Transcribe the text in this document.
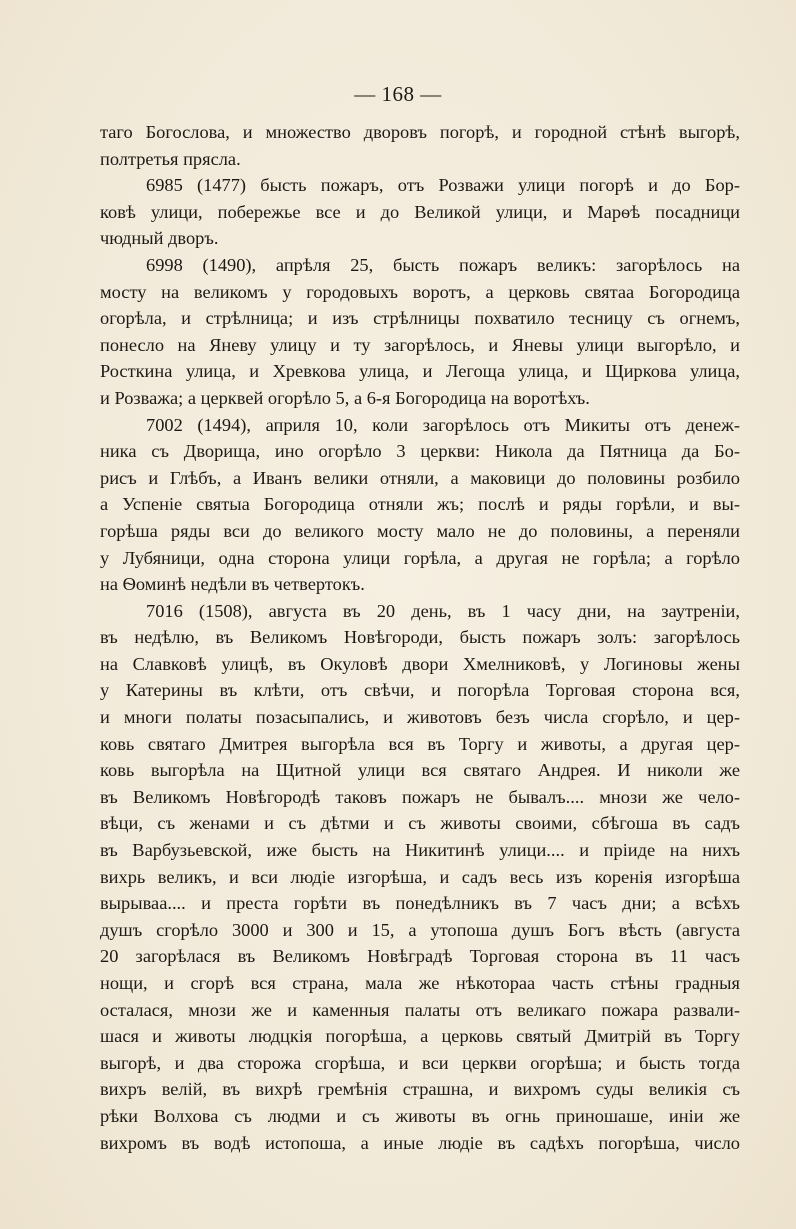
— 168 —
таго Богослова, и множество дворовъ погорѣ, и городной стѣнѣ выгорѣ,
полтретья прясла.
6985 (1477) бысть пожаръ, отъ Розважи улици погорѣ и до Бор-
ковѣ улици, побережье все и до Великой улици, и Марѳѣ посадници
чюдный дворъ.
6998 (1490), апрѣля 25, бысть пожаръ великъ: загорѣлось на
мосту на великомъ у городовыхъ воротъ, а церковь святаа Богородица
огорѣла, и стрѣлница; и изъ стрѣлницы похватило тесницу съ огнемъ,
понесло на Яневу улицу и ту загорѣлось, и Яневы улици выгорѣло, и
Росткина улица, и Хревкова улица, и Легоща улица, и Щиркова улица,
и Розважа; а церквей огорѣло 5, а 6-я Богородица на воротѣхъ.
7002 (1494), априля 10, коли загорѣлось отъ Микиты отъ денеж-
ника съ Дворища, ино огорѣло 3 церкви: Никола да Пятница да Бо-
рисъ и Глѣбъ, а Иванъ велики отняли, а маковици до половины розбило
а Успеніе святыа Богородица отняли жъ; послѣ и ряды горѣли, и вы-
горѣша ряды вси до великого мосту мало не до половины, а переняли
у Лубяници, одна сторона улици горѣла, а другая не горѣла; а горѣло
на Ѳоминѣ недѣли въ четвертокъ.
7016 (1508), августа въ 20 день, въ 1 часу дни, на заутреніи,
въ недѣлю, въ Великомъ Новѣгороди, бысть пожаръ золъ: загорѣлось
на Славковѣ улицѣ, въ Окуловѣ двори Хмелниковѣ, у Логиновы жены
у Катерины въ клѣти, отъ свѣчи, и погорѣла Торговая сторона вся,
и многи полаты позасыпались, и животовъ безъ числа сгорѣло, и цер-
ковь святаго Дмитрея выгорѣла вся въ Торгу и животы, а другая цер-
ковь выгорѣла на Щитной улици вся святаго Андрея. И николи же
въ Великомъ Новѣгородѣ таковъ пожаръ не бывалъ.... мнози же чело-
вѣци, съ женами и съ дѣтми и съ животы своими, сбѣгоша въ садъ
въ Варбузьевской, иже бысть на Никитинѣ улици.... и пріиде на нихъ
вихрь великъ, и вси людіе изгорѣша, и садъ весь изъ коренія изгорѣша
вырываа.... и преста горѣти въ понедѣлникъ въ 7 часъ дни; а всѣхъ
душъ сгорѣло 3000 и 300 и 15, а утопоша душъ Богъ вѣсть (августа
20 загорѣлася въ Великомъ Новѣградѣ Торговая сторона въ 11 часъ
нощи, и сгорѣ вся страна, мала же нѣкотораа часть стѣны градныя
осталася, мнози же и каменныя палаты отъ великаго пожара развали-
шася и животы людцкія погорѣша, а церковь святый Дмитрій въ Торгу
выгорѣ, и два сторожа сгорѣша, и вси церкви огорѣша; и бысть тогда
вихръ велій, въ вихрѣ гремѣнія страшна, и вихромъ суды великія съ
рѣки Волхова съ людми и съ животы въ огнь приношаше, иніи же
вихромъ въ водѣ истопоша, а иные людіе въ садѣхъ погорѣша, число
